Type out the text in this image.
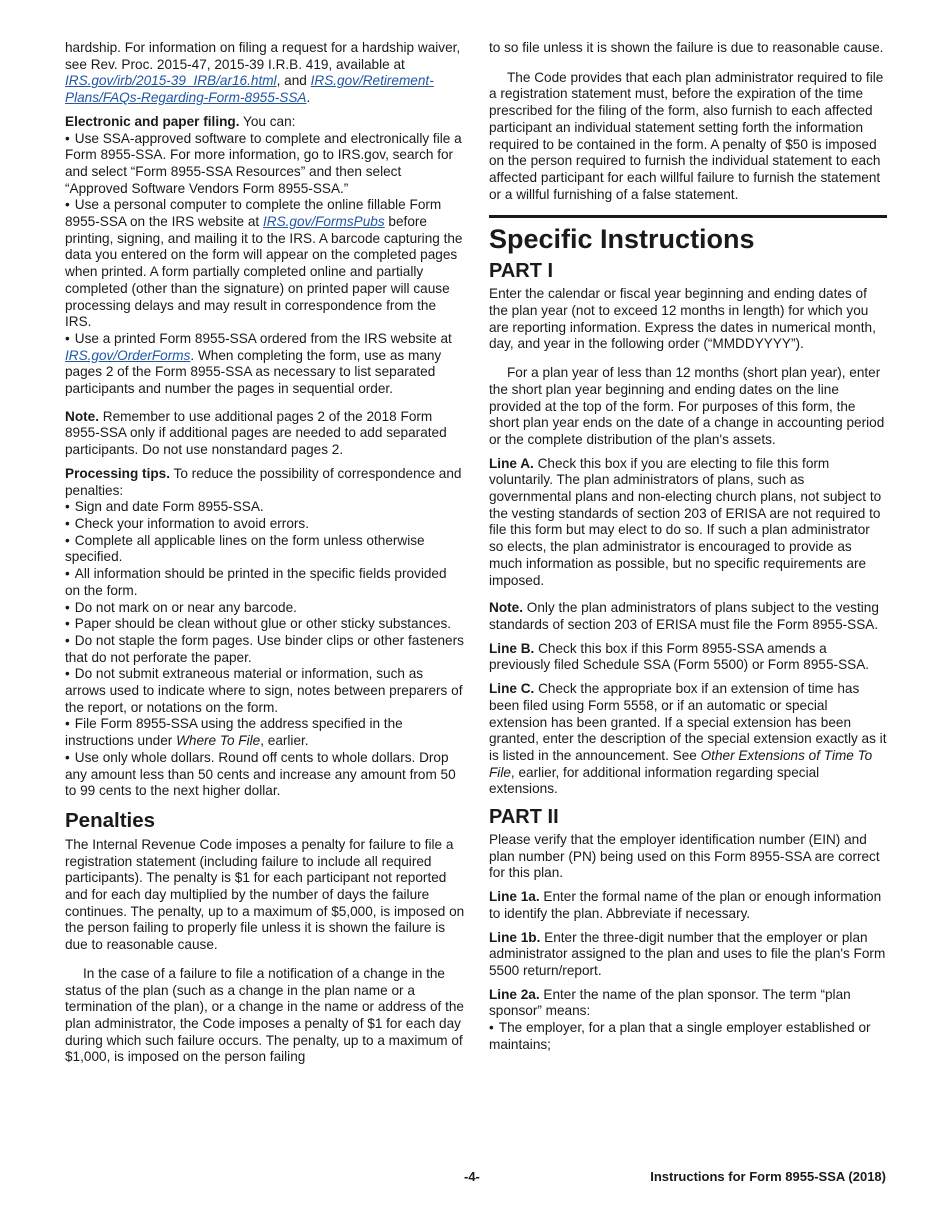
hardship. For information on filing a request for a hardship waiver, see Rev. Proc. 2015-47, 2015-39 I.R.B. 419, available at IRS.gov/irb/2015-39_IRB/ar16.html, and IRS.gov/Retirement-Plans/FAQs-Regarding-Form-8955-SSA.

Electronic and paper filing. You can:

• Use SSA-approved software to complete and electronically file a Form 8955-SSA. For more information, go to IRS.gov, search for and select “Form 8955-SSA Resources” and then select “Approved Software Vendors Form 8955-SSA.”
• Use a personal computer to complete the online fillable Form 8955-SSA on the IRS website at IRS.gov/FormsPubs before printing, signing, and mailing it to the IRS. A barcode capturing the data you entered on the form will appear on the completed pages when printed. A form partially completed online and partially completed (other than the signature) on printed paper will cause processing delays and may result in correspondence from the IRS.
• Use a printed Form 8955-SSA ordered from the IRS website at IRS.gov/OrderForms. When completing the form, use as many pages 2 of the Form 8955-SSA as necessary to list separated participants and number the pages in sequential order.

Note. Remember to use additional pages 2 of the 2018 Form 8955-SSA only if additional pages are needed to add separated participants. Do not use nonstandard pages 2.

Processing tips. To reduce the possibility of correspondence and penalties:

• Sign and date Form 8955-SSA.
• Check your information to avoid errors.
• Complete all applicable lines on the form unless otherwise specified.
• All information should be printed in the specific fields provided on the form.
• Do not mark on or near any barcode.
• Paper should be clean without glue or other sticky substances.
• Do not staple the form pages. Use binder clips or other fasteners that do not perforate the paper.
• Do not submit extraneous material or information, such as arrows used to indicate where to sign, notes between preparers of the report, or notations on the form.
• File Form 8955-SSA using the address specified in the instructions under Where To File, earlier.
• Use only whole dollars. Round off cents to whole dollars. Drop any amount less than 50 cents and increase any amount from 50 to 99 cents to the next higher dollar.
Penalties

The Internal Revenue Code imposes a penalty for failure to file a registration statement (including failure to include all required participants). The penalty is $1 for each participant not reported and for each day multiplied by the number of days the failure continues. The penalty, up to a maximum of $5,000, is imposed on the person failing to properly file unless it is shown the failure is due to reasonable cause.

In the case of a failure to file a notification of a change in the status of the plan (such as a change in the plan name or a termination of the plan), or a change in the name or address of the plan administrator, the Code imposes a penalty of $1 for each day during which such failure occurs. The penalty, up to a maximum of $1,000, is imposed on the person failing

to so file unless it is shown the failure is due to reasonable cause.

The Code provides that each plan administrator required to file a registration statement must, before the expiration of the time prescribed for the filing of the form, also furnish to each affected participant an individual statement setting forth the information required to be contained in the form. A penalty of $50 is imposed on the person required to furnish the individual statement to each affected participant for each willful failure to furnish the statement or a willful furnishing of a false statement.

Specific Instructions
PART I

Enter the calendar or fiscal year beginning and ending dates of the plan year (not to exceed 12 months in length) for which you are reporting information. Express the dates in numerical month, day, and year in the following order (“MMDDYYYY”).

For a plan year of less than 12 months (short plan year), enter the short plan year beginning and ending dates on the line provided at the top of the form. For purposes of this form, the short plan year ends on the date of a change in accounting period or the complete distribution of the plan's assets.

Line A. Check this box if you are electing to file this form voluntarily. The plan administrators of plans, such as governmental plans and non-electing church plans, not subject to the vesting standards of section 203 of ERISA are not required to file this form but may elect to do so. If such a plan administrator so elects, the plan administrator is encouraged to provide as much information as possible, but no specific requirements are imposed.

Note. Only the plan administrators of plans subject to the vesting standards of section 203 of ERISA must file the Form 8955-SSA.

Line B. Check this box if this Form 8955-SSA amends a previously filed Schedule SSA (Form 5500) or Form 8955-SSA.

Line C. Check the appropriate box if an extension of time has been filed using Form 5558, or if an automatic or special extension has been granted. If a special extension has been granted, enter the description of the special extension exactly as it is listed in the announcement. See Other Extensions of Time To File, earlier, for additional information regarding special extensions.

PART II

Please verify that the employer identification number (EIN) and plan number (PN) being used on this Form 8955-SSA are correct for this plan.

Line 1a. Enter the formal name of the plan or enough information to identify the plan. Abbreviate if necessary.

Line 1b. Enter the three-digit number that the employer or plan administrator assigned to the plan and uses to file the plan's Form 5500 return/report.

Line 2a. Enter the name of the plan sponsor. The term “plan sponsor” means:

• The employer, for a plan that a single employer established or maintains;
-4-	Instructions for Form 8955-SSA (2018)
